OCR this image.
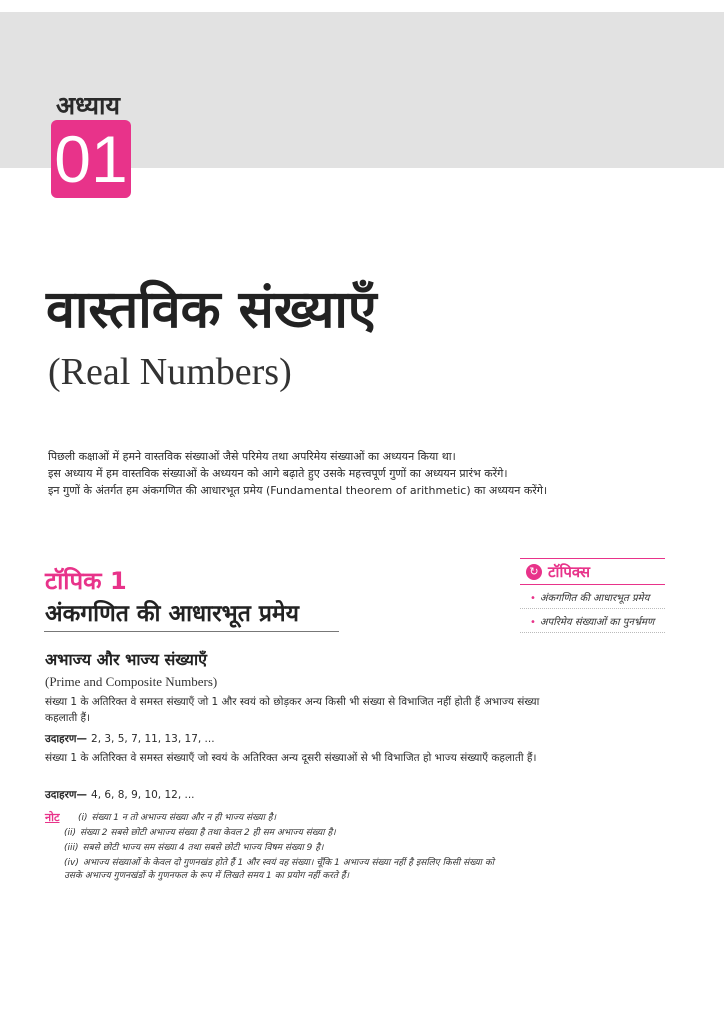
अध्याय
01
वास्तविक संख्याएँ
(Real Numbers)

पिछली कक्षाओं में हमने वास्तविक संख्याओं जैसे परिमेय तथा अपरिमेय संख्याओं का अध्ययन किया था।

इस अध्याय में हम वास्तविक संख्याओं के अध्ययन को आगे बढ़ाते हुए उसके महत्त्वपूर्ण गुणों का अध्ययन प्रारंभ करेंगे।

इन गुणों के अंतर्गत हम अंकगणित की आधारभूत प्रमेय (Fundamental theorem of arithmetic) का अध्ययन करेंगे।

टॉपिक 1
अंकगणित की आधारभूत प्रमेय
↻ टॉपिक्स
• अंकगणित की आधारभूत प्रमेय
• अपरिमेय संख्याओं का पुनर्भ्रमण
अभाज्य और भाज्य संख्याएँ
(Prime and Composite Numbers)

संख्या 1 के अतिरिक्त वे समस्त संख्याएँ जो 1 और स्वयं को छोड़कर अन्य किसी भी संख्या से विभाजित नहीं होती हैं अभाज्य संख्या कहलाती हैं।

उदाहरण— 2, 3, 5, 7, 11, 13, 17, ...

संख्या 1 के अतिरिक्त वे समस्त संख्याएँ जो स्वयं के अतिरिक्त अन्य दूसरी संख्याओं से भी विभाजित हो भाज्य संख्याएँ कहलाती हैं।

उदाहरण— 4, 6, 8, 9, 10, 12, ...
नोट (i) संख्या 1 न तो अभाज्य संख्या और न ही भाज्य संख्या है।

(ii) संख्या 2 सबसे छोटी अभाज्य संख्या है तथा केवल 2 ही सम अभाज्य संख्या है।

(iii) सबसे छोटी भाज्य सम संख्या 4 तथा सबसे छोटी भाज्य विषम संख्या 9 है।

(iv) अभाज्य संख्याओं के केवल दो गुणनखंड होते हैं 1 और स्वयं वह संख्या। चूँकि 1 अभाज्य संख्या नहीं है इसलिए किसी संख्या को उसके अभाज्य गुणनखंडों के गुणनफल के रूप में लिखते समय 1 का प्रयोग नहीं करते हैं।
